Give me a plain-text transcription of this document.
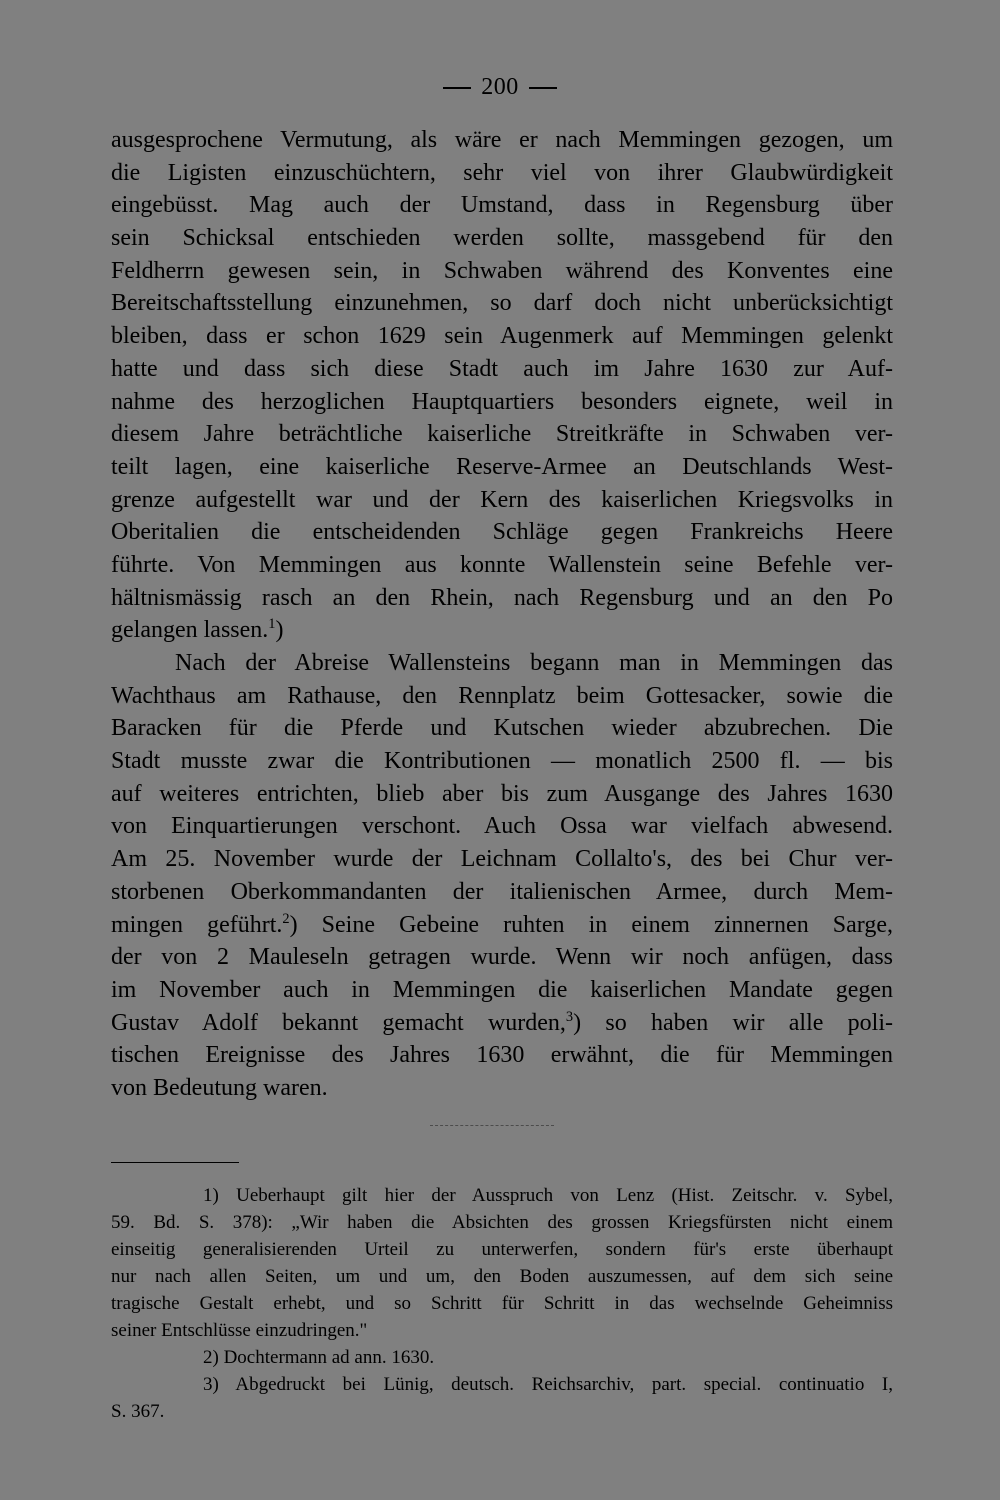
200
ausgesprochene Vermutung, als wäre er nach Memmingen gezogen, um
die Ligisten einzuschüchtern, sehr viel von ihrer Glaubwürdigkeit
eingebüsst. Mag auch der Umstand, dass in Regensburg über
sein Schicksal entschieden werden sollte, massgebend für den
Feldherrn gewesen sein, in Schwaben während des Konventes eine
Bereitschaftsstellung einzunehmen, so darf doch nicht unberücksichtigt
bleiben, dass er schon 1629 sein Augenmerk auf Memmingen gelenkt
hatte und dass sich diese Stadt auch im Jahre 1630 zur Auf-
nahme des herzoglichen Hauptquartiers besonders eignete, weil in
diesem Jahre beträchtliche kaiserliche Streitkräfte in Schwaben ver-
teilt lagen, eine kaiserliche Reserve-Armee an Deutschlands West-
grenze aufgestellt war und der Kern des kaiserlichen Kriegsvolks in
Oberitalien die entscheidenden Schläge gegen Frankreichs Heere
führte. Von Memmingen aus konnte Wallenstein seine Befehle ver-
hältnismässig rasch an den Rhein, nach Regensburg und an den Po
gelangen lassen.$^1$)
Nach der Abreise Wallensteins begann man in Memmingen das
Wachthaus am Rathause, den Rennplatz beim Gottesacker, sowie die
Baracken für die Pferde und Kutschen wieder abzubrechen. Die
Stadt musste zwar die Kontributionen — monatlich 2500 fl. — bis
auf weiteres entrichten, blieb aber bis zum Ausgange des Jahres 1630
von Einquartierungen verschont. Auch Ossa war vielfach abwesend.
Am 25. November wurde der Leichnam Collalto's, des bei Chur ver-
storbenen Oberkommandanten der italienischen Armee, durch Mem-
mingen geführt.$^2$) Seine Gebeine ruhten in einem zinnernen Sarge,
der von 2 Mauleseln getragen wurde. Wenn wir noch anfügen, dass
im November auch in Memmingen die kaiserlichen Mandate gegen
Gustav Adolf bekannt gemacht wurden,$^3$) so haben wir alle poli-
tischen Ereignisse des Jahres 1630 erwähnt, die für Memmingen
von Bedeutung waren.
1) Ueberhaupt gilt hier der Ausspruch von Lenz (Hist. Zeitschr. v. Sybel,
59. Bd. S. 378): „Wir haben die Absichten des grossen Kriegsfürsten nicht einem
einseitig generalisierenden Urteil zu unterwerfen, sondern für's erste überhaupt
nur nach allen Seiten, um und um, den Boden auszumessen, auf dem sich seine
tragische Gestalt erhebt, und so Schritt für Schritt in das wechselnde Geheimniss
seiner Entschlüsse einzudringen."
2) Dochtermann ad ann. 1630.
3) Abgedruckt bei Lünig, deutsch. Reichsarchiv, part. special. continuatio I,
S. 367.
